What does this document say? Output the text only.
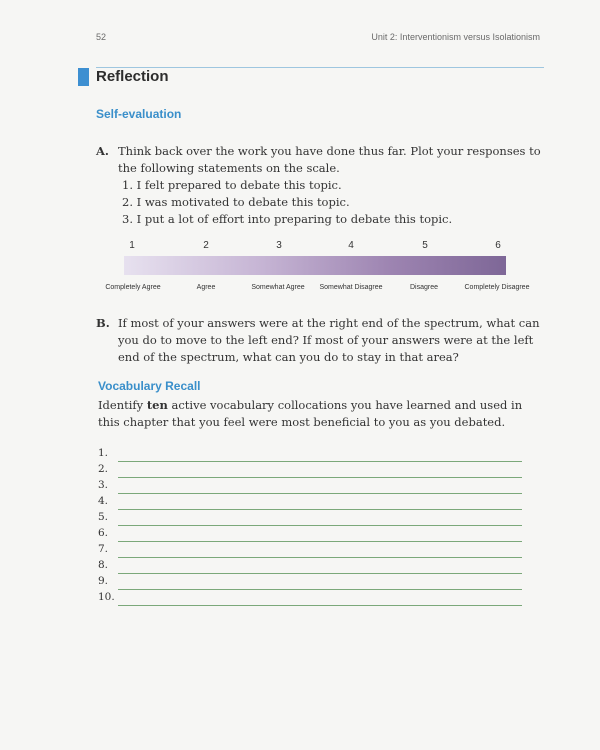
52	Unit 2: Interventionism versus Isolationism
Reflection
Self-evaluation
A. Think back over the work you have done thus far. Plot your responses to the following statements on the scale.
1. I felt prepared to debate this topic.
2. I was motivated to debate this topic.
3. I put a lot of effort into preparing to debate this topic.
1	2	3	4	5	6
Completely Agree	Agree	Somewhat Agree	Somewhat Disagree	Disagree	Completely Disagree
B. If most of your answers were at the right end of the spectrum, what can you do to move to the left end? If most of your answers were at the left end of the spectrum, what can you do to stay in that area?
Vocabulary Recall
Identify ten active vocabulary collocations you have learned and used in this chapter that you feel were most beneficial to you as you debated.
1.
2.
3.
4.
5.
6.
7.
8.
9.
10.
